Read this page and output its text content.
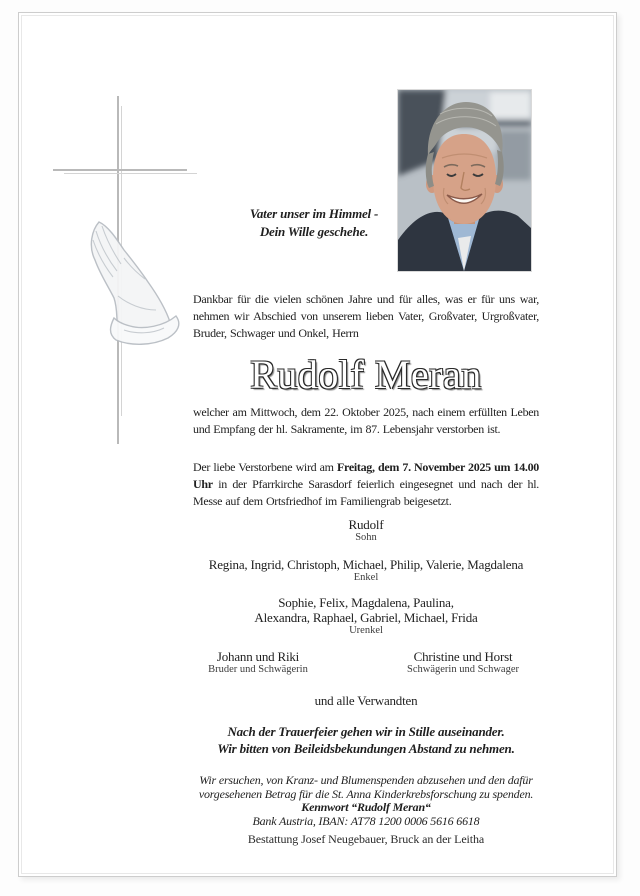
Vater unser im Himmel -
Dein Wille geschehe.
Dankbar für die vielen schönen Jahre und für alles, was er für uns war, nehmen wir Abschied von unserem lieben Vater, Großvater, Urgroßvater, Bruder, Schwager und Onkel, Herrn
Rudolf Meran
welcher am Mittwoch, dem 22. Oktober 2025, nach einem erfüllten Leben und Empfang der hl. Sakramente, im 87. Lebensjahr verstorben ist.
Der liebe Verstorbene wird am Freitag, dem 7. November 2025 um 14.00 Uhr in der Pfarrkirche Sarasdorf feierlich eingesegnet und nach der hl. Messe auf dem Ortsfriedhof im Familiengrab beigesetzt.
Rudolf
Sohn
Regina, Ingrid, Christoph, Michael, Philip, Valerie, Magdalena
Enkel
Sophie, Felix, Magdalena, Paulina,
Alexandra, Raphael, Gabriel, Michael, Frida
Urenkel
Johann und Riki
Bruder und Schwägerin
Christine und Horst
Schwägerin und Schwager
und alle Verwandten
Nach der Trauerfeier gehen wir in Stille auseinander.
Wir bitten von Beileidsbekundungen Abstand zu nehmen.
Wir ersuchen, von Kranz- und Blumenspenden abzusehen und den dafür
vorgesehenen Betrag für die St. Anna Kinderkrebsforschung zu spenden.
Kennwort “Rudolf Meran“
Bank Austria, IBAN: AT78 1200 0006 5616 6618
Bestattung Josef Neugebauer, Bruck an der Leitha
